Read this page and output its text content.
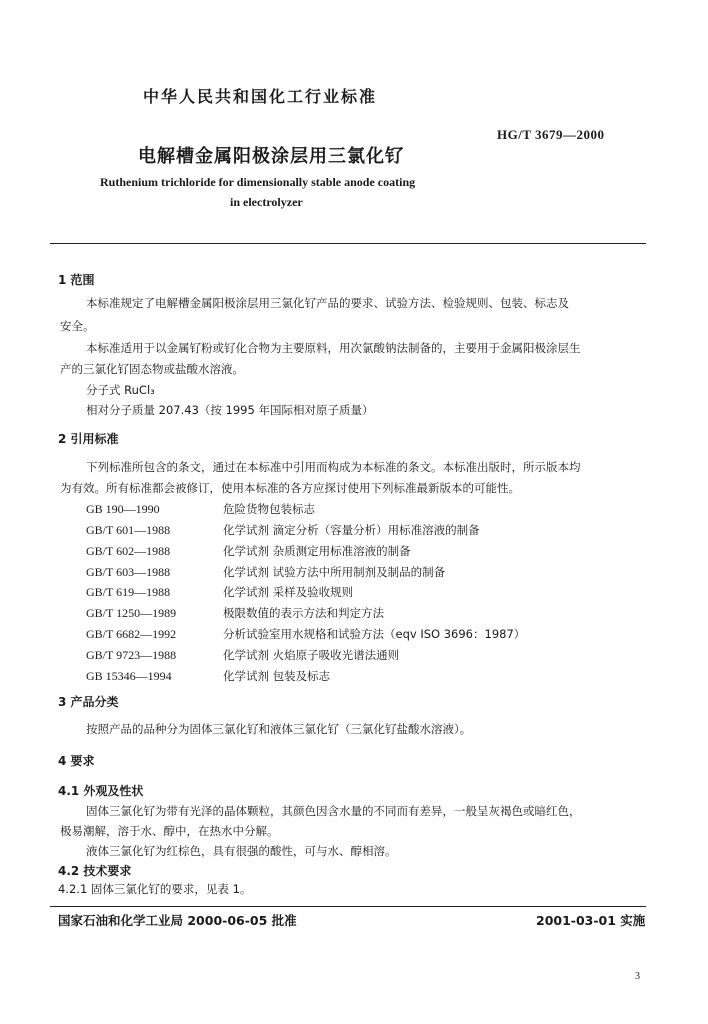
中华人民共和国化工行业标准
HG/T 3679—2000
电解槽金属阳极涂层用三氯化钌
Ruthenium trichloride for dimensionally stable anode coating
in electrolyzer
1 范围
本标准规定了电解槽金属阳极涂层用三氯化钌产品的要求、试验方法、检验规则、包装、标志及
安全。
本标准适用于以金属钌粉或钌化合物为主要原料，用次氯酸钠法制备的，主要用于金属阳极涂层生
产的三氯化钌固态物或盐酸水溶液。
分子式 RuCl₃
相对分子质量 207.43（按 1995 年国际相对原子质量）
2 引用标准
下列标准所包含的条文，通过在本标准中引用而构成为本标准的条文。本标准出版时，所示版本均
为有效。所有标准都会被修订，使用本标准的各方应探讨使用下列标准最新版本的可能性。
GB 190—1990	危险货物包装标志
GB/T 601—1988	化学试剂 滴定分析（容量分析）用标准溶液的制备
GB/T 602—1988	化学试剂 杂质测定用标准溶液的制备
GB/T 603—1988	化学试剂 试验方法中所用制剂及制品的制备
GB/T 619—1988	化学试剂 采样及验收规则
GB/T 1250—1989	极限数值的表示方法和判定方法
GB/T 6682—1992	分析试验室用水规格和试验方法（eqv ISO 3696：1987）
GB/T 9723—1988	化学试剂 火焰原子吸收光谱法通则
GB 15346—1994	化学试剂 包装及标志
3 产品分类
按照产品的品种分为固体三氯化钌和液体三氯化钌（三氯化钌盐酸水溶液）。
4 要求
4.1 外观及性状
固体三氯化钌为带有光泽的晶体颗粒，其颜色因含水量的不同而有差异，一般呈灰褐色或暗红色，
极易潮解，溶于水、醇中，在热水中分解。
液体三氯化钌为红棕色，具有很强的酸性，可与水、醇相溶。
4.2 技术要求
4.2.1 固体三氯化钌的要求，见表 1。
国家石油和化学工业局 2000-06-05 批准	2001-03-01 实施
3
